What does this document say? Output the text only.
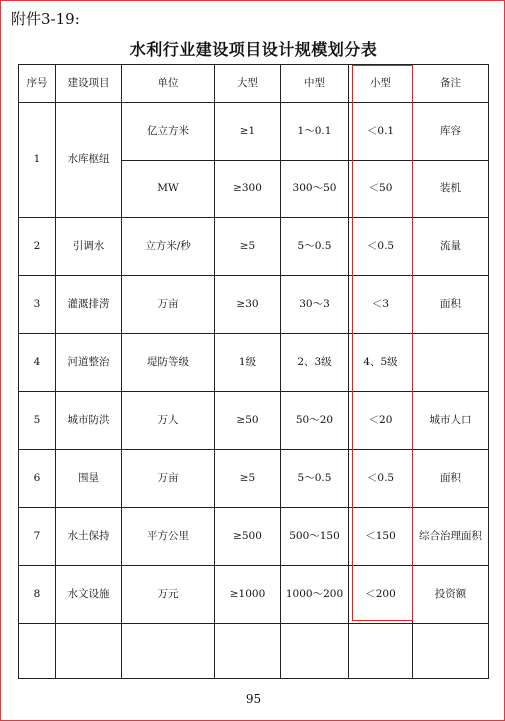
附件3-19:
水利行业建设项目设计规模划分表
序号	建设项目	单位	大型	中型	小型	备注
1	水库枢纽	亿立方米	≥1	1～0.1	＜0.1	库容
		MW	≥300	300～50	＜50	装机
2	引调水	立方米/秒	≥5	5～0.5	＜0.5	流量
3	灌溉排涝	万亩	≥30	30～3	＜3	面积
4	河道整治	堤防等级	1级	2、3级	4、5级	
5	城市防洪	万人	≥50	50～20	＜20	城市人口
6	围垦	万亩	≥5	5～0.5	＜0.5	面积
7	水土保持	平方公里	≥500	500～150	＜150	综合治理面积
8	水文设施	万元	≥1000	1000～200	＜200	投资额

95
